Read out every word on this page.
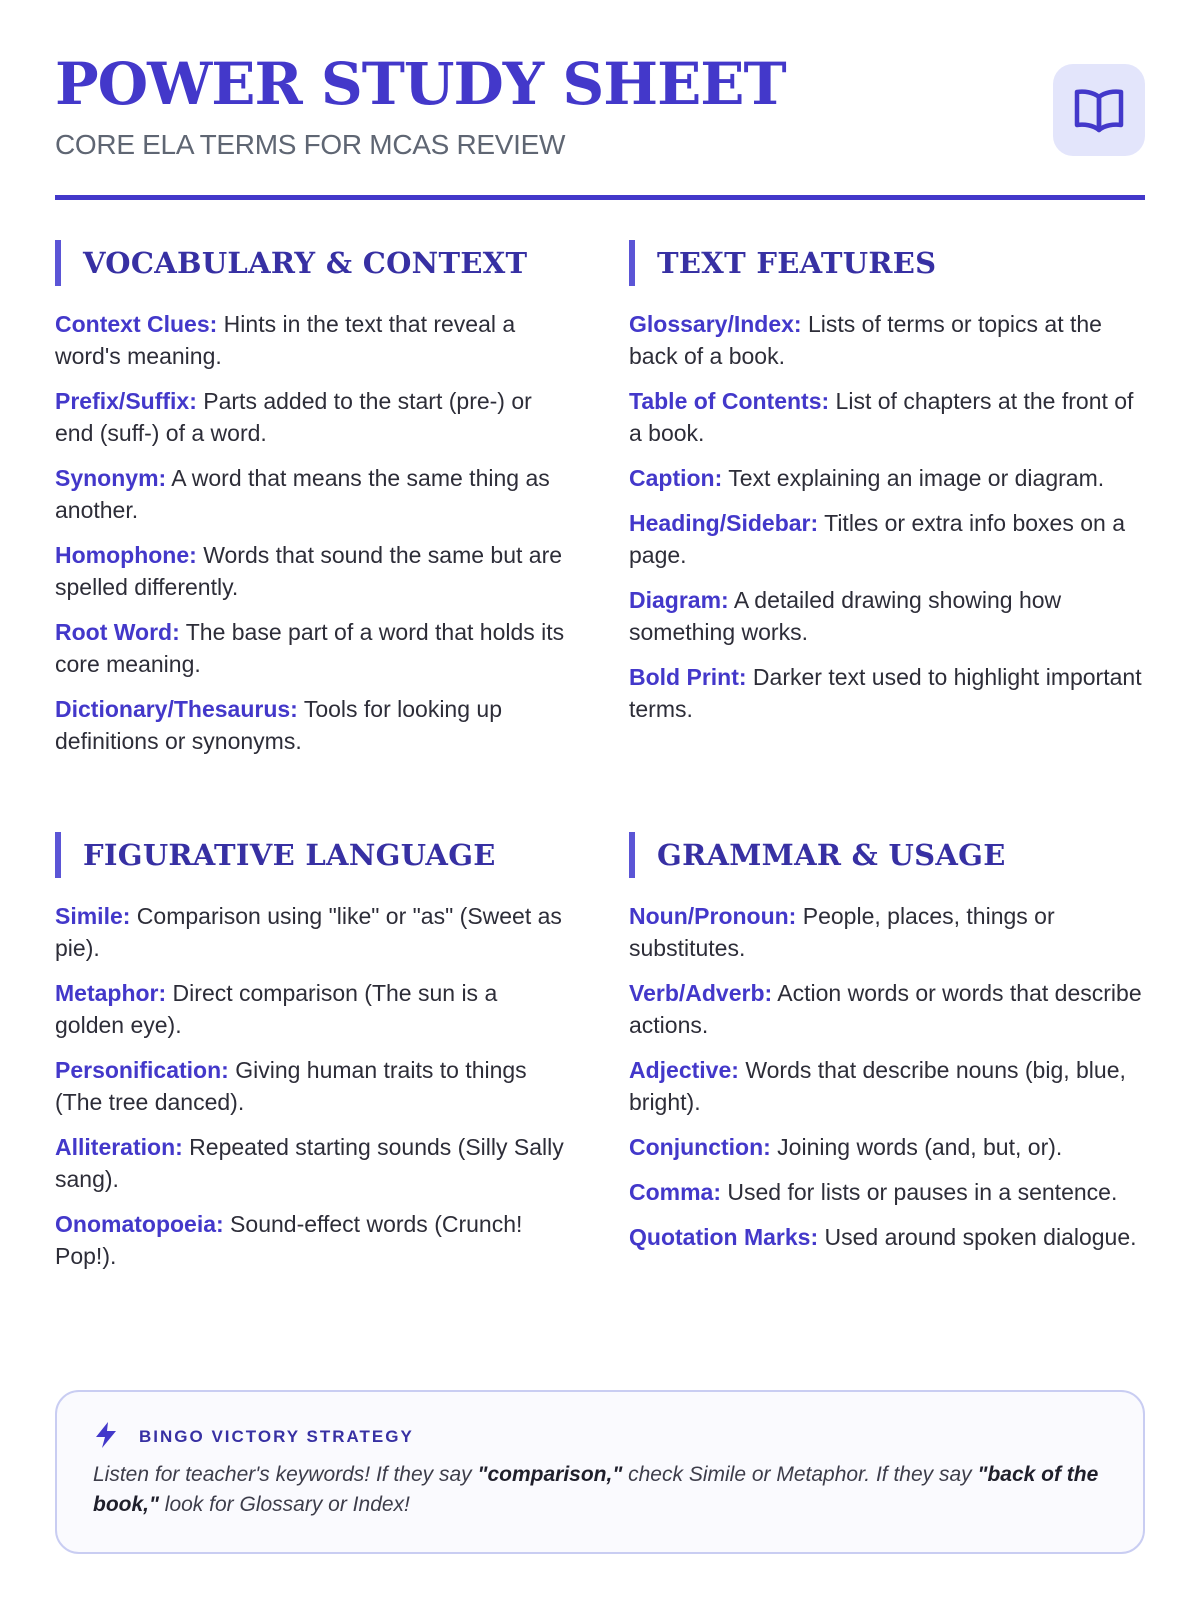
POWER STUDY SHEET

CORE ELA TERMS FOR MCAS REVIEW

VOCABULARY & CONTEXT

Context Clues: Hints in the text that reveal a word's meaning.

Prefix/Suffix: Parts added to the start (pre-) or end (suff-) of a word.

Synonym: A word that means the same thing as another.

Homophone: Words that sound the same but are spelled differently.

Root Word: The base part of a word that holds its core meaning.

Dictionary/Thesaurus: Tools for looking up definitions or synonyms.

TEXT FEATURES

Glossary/Index: Lists of terms or topics at the back of a book.

Table of Contents: List of chapters at the front of a book.

Caption: Text explaining an image or diagram.

Heading/Sidebar: Titles or extra info boxes on a page.

Diagram: A detailed drawing showing how something works.

Bold Print: Darker text used to highlight important terms.

FIGURATIVE LANGUAGE

Simile: Comparison using "like" or "as" (Sweet as pie).

Metaphor: Direct comparison (The sun is a golden eye).

Personification: Giving human traits to things (The tree danced).

Alliteration: Repeated starting sounds (Silly Sally sang).

Onomatopoeia: Sound-effect words (Crunch! Pop!).

GRAMMAR & USAGE

Noun/Pronoun: People, places, things or substitutes.

Verb/Adverb: Action words or words that describe actions.

Adjective: Words that describe nouns (big, blue, bright).

Conjunction: Joining words (and, but, or).

Comma: Used for lists or pauses in a sentence.

Quotation Marks: Used around spoken dialogue.

BINGO VICTORY STRATEGY

Listen for teacher's keywords! If they say "comparison," check Simile or Metaphor. If they say "back of the book," look for Glossary or Index!
